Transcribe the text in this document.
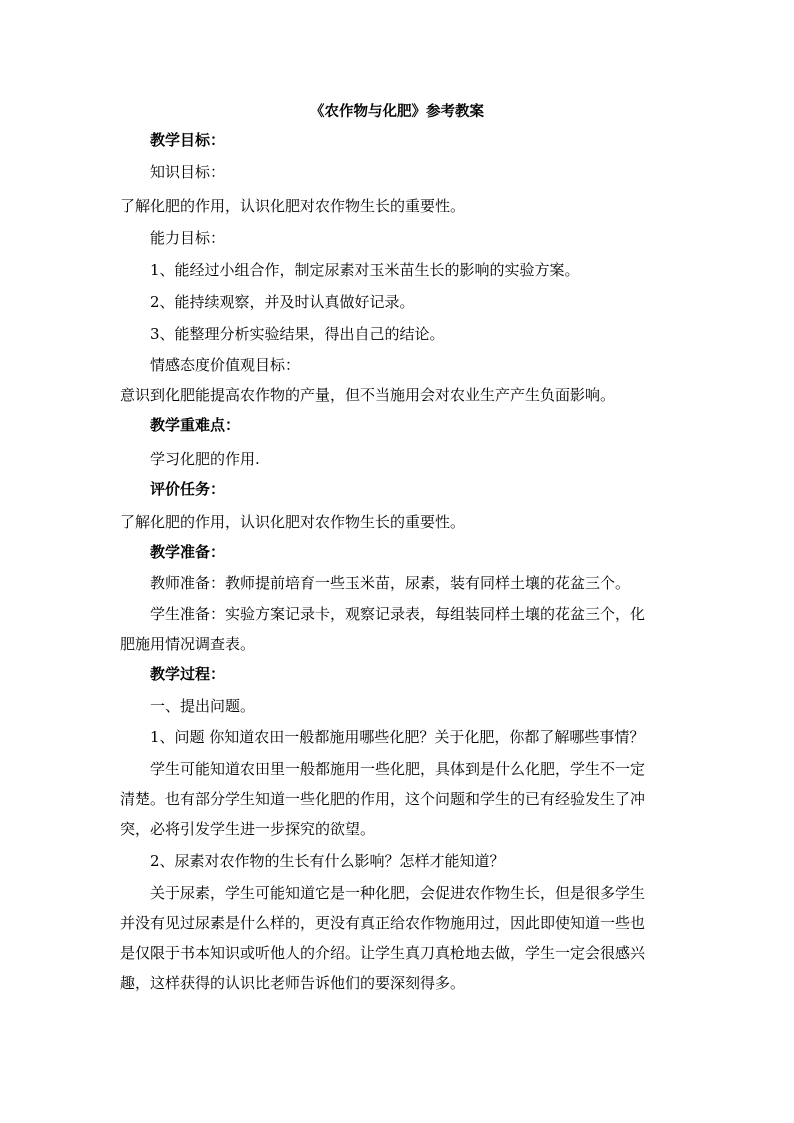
《农作物与化肥》参考教案
教学目标：
知识目标：
了解化肥的作用，认识化肥对农作物生长的重要性。
能力目标：
1、能经过小组合作，制定尿素对玉米苗生长的影响的实验方案。
2、能持续观察，并及时认真做好记录。
3、能整理分析实验结果，得出自己的结论。
情感态度价值观目标：
意识到化肥能提高农作物的产量，但不当施用会对农业生产产生负面影响。
教学重难点：
学习化肥的作用.
评价任务：
了解化肥的作用，认识化肥对农作物生长的重要性。
教学准备：
教师准备：教师提前培育一些玉米苗，尿素，装有同样土壤的花盆三个。
学生准备：实验方案记录卡，观察记录表，每组装同样土壤的花盆三个，化
肥施用情况调查表。
教学过程：
一、提出问题。
1、问题 你知道农田一般都施用哪些化肥？关于化肥，你都了解哪些事情？
学生可能知道农田里一般都施用一些化肥，具体到是什么化肥，学生不一定
清楚。也有部分学生知道一些化肥的作用，这个问题和学生的已有经验发生了冲
突，必将引发学生进一步探究的欲望。
2、尿素对农作物的生长有什么影响？怎样才能知道？
关于尿素，学生可能知道它是一种化肥，会促进农作物生长，但是很多学生
并没有见过尿素是什么样的，更没有真正给农作物施用过，因此即使知道一些也
是仅限于书本知识或听他人的介绍。让学生真刀真枪地去做，学生一定会很感兴
趣，这样获得的认识比老师告诉他们的要深刻得多。
